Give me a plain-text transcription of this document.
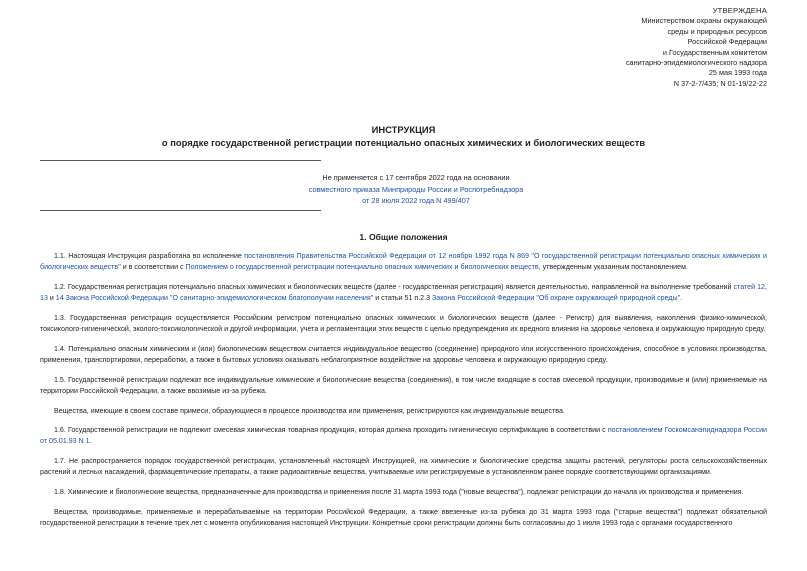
УТВЕРЖДЕНА
Министерством охраны окружающей
среды и природных ресурсов
Российской Федерации
и Государственным комитетом
санитарно-эпидемиологического надзора
25 мая 1993 года
N 37-2-7/435; N 01-19/22-22
ИНСТРУКЦИЯ
о порядке государственной регистрации потенциально опасных химических и биологических веществ
Не применяется с 17 сентября 2022 года на основании
совместного приказа Минприроды России и Роспотребнадзора
от 28 июля 2022 года N 499/407
1. Общие положения
1.1. Настоящая Инструкция разработана во исполнение постановления Правительства Российской Федерации от 12 ноября 1992 года N 869 "О государственной регистрации потенциально опасных химических и биологических веществ" и в соответствии с Положением о государственной регистрации потенциально опасных химических и биологических веществ, утвержденным указанным постановлением.
1.2. Государственная регистрация потенциально опасных химических и биологических веществ (далее - государственная регистрация) является деятельностью, направленной на выполнение требований статей 12, 13 и 14 Закона Российской Федерации "О санитарно-эпидемиологическом благополучии населения" и статьи 51 п.2.3 Закона Российской Федерации "Об охране окружающей природной среды".
1.3. Государственная регистрация осуществляется Российским регистром потенциально опасных химических и биологических веществ (далее - Регистр) для выявления, накопления физико-химической, токсиколого-гигиенической, эколого-токсикологической и другой информации, учета и регламентации этих веществ с целью предупреждения их вредного влияния на здоровье человека и окружающую природную среду.
1.4. Потенциально опасным химическим и (или) биологическим веществом считается индивидуальное вещество (соединение) природного или искусственного происхождения, способное в условиях производства, применения, транспортировки, переработки, а также в бытовых условиях оказывать неблагоприятное воздействие на здоровье человека и окружающую природную среду.
1.5. Государственной регистрации подлежат все индивидуальные химические и биологические вещества (соединения), в том числе входящие в состав смесевой продукции, производимые и (или) применяемые на территории Российской Федерации, а также ввозимые из-за рубежа.
Вещества, имеющие в своем составе примеси, образующиеся в процессе производства или применения, регистрируются как индивидуальные вещества.
1.6. Государственной регистрации не подлежит смесевая химическая товарная продукция, которая должна проходить гигиеническую сертификацию в соответствии с постановлением Госкомсанэпиднадзора России от 05.01.93 N 1.
1.7. Не распространяется порядок государственной регистрации, установленный настоящей Инструкцией, на химические и биологические средства защиты растений, регуляторы роста сельскохозяйственных растений и лесных насаждений, фармацевтические препараты, а также радиоактивные вещества, учитываемые или регистрируемые в установленном ранее порядке соответствующими организациями.
1.8. Химические и биологические вещества, предназначенные для производства и применения после 31 марта 1993 года ("новые вещества"), подлежат регистрации до начала их производства и применения.
Вещества, производимые, применяемые и перерабатываемые на территории Российской Федерации, а также ввезенные из-за рубежа до 31 марта 1993 года ("старые вещества") подлежат обязательной государственной регистрации в течение трех лет с момента опубликования настоящей Инструкции. Конкретные сроки регистрации должны быть согласованы до 1 июля 1993 года с органами государственного
